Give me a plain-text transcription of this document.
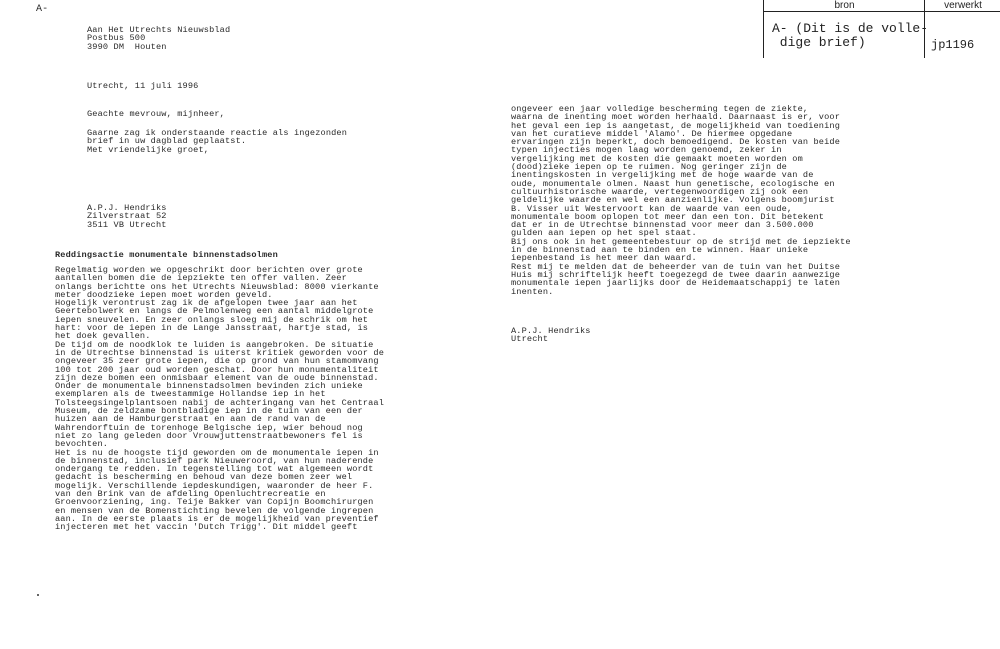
A-	bron
A- (Dit is de volle-
dige brief)
verwerkt
jp1196
Aan Het Utrechts Nieuwsblad
Postbus 500
3990 DM  Houten
Utrecht, 11 juli 1996
Geachte mevrouw, mijnheer,
Gaarne zag ik onderstaande reactie als ingezonden
brief in uw dagblad geplaatst.
Met vriendelijke groet,
A.P.J. Hendriks
Zilverstraat 52
3511 VB Utrecht
Reddingsactie monumentale binnenstadsolmen
Regelmatig worden we opgeschrikt door berichten over grote
aantallen bomen die de iepziekte ten offer vallen. Zeer
onlangs berichtte ons het Utrechts Nieuwsblad: 8000 vierkante
meter doodzieke iepen moet worden geveld.
Hogelijk verontrust zag ik de afgelopen twee jaar aan het
Geertebolwerk en langs de Pelmolenweg een aantal middelgrote
iepen sneuvelen. En zeer onlangs sloeg mij de schrik om het
hart: voor de iepen in de Lange Jansstraat, hartje stad, is
het doek gevallen.
De tijd om de noodklok te luiden is aangebroken. De situatie
in de Utrechtse binnenstad is uiterst kritiek geworden voor de
ongeveer 35 zeer grote iepen, die op grond van hun stamomvang
100 tot 200 jaar oud worden geschat. Door hun monumentaliteit
zijn deze bomen een onmisbaar element van de oude binnenstad.
Onder de monumentale binnenstadsolmen bevinden zich unieke
exemplaren als de tweestammige Hollandse iep in het
Tolsteegsingelplantsoen nabij de achteringang van het Centraal
Museum, de zeldzame bontbladige iep in de tuin van een der
huizen aan de Hamburgerstraat en aan de rand van de
Wahrendorftuin de torenhoge Belgische iep, wier behoud nog
niet zo lang geleden door Vrouwjuttenstraatbewoners fel is
bevochten.
Het is nu de hoogste tijd geworden om de monumentale iepen in
de binnenstad, inclusief park Nieuweroord, van hun naderende
ondergang te redden. In tegenstelling tot wat algemeen wordt
gedacht is bescherming en behoud van deze bomen zeer wel
mogelijk. Verschillende iepdeskundigen, waaronder de heer F.
van den Brink van de afdeling Openluchtrecreatie en
Groenvoorziening, ing. Teije Bakker van Copijn Boomchirurgen
en mensen van de Bomenstichting bevelen de volgende ingrepen
aan. In de eerste plaats is er de mogelijkheid van preventief
injecteren met het vaccin 'Dutch Trigg'. Dit middel geeft
ongeveer een jaar volledige bescherming tegen de ziekte,
waarna de inenting moet worden herhaald. Daarnaast is er, voor
het geval een iep is aangetast, de mogelijkheid van toediening
van het curatieve middel 'Alamo'. De hiermee opgedane
ervaringen zijn beperkt, doch bemoedigend. De kosten van beide
typen injecties mogen laag worden genoemd, zeker in
vergelijking met de kosten die gemaakt moeten worden om
(dood)zieke iepen op te ruimen. Nog geringer zijn de
inentingskosten in vergelijking met de hoge waarde van de
oude, monumentale olmen. Naast hun genetische, ecologische en
cultuurhistorische waarde, vertegenwoordigen zij ook een
geldelijke waarde en wel een aanzienlijke. Volgens boomjurist
B. Visser uit Westervoort kan de waarde van een oude,
monumentale boom oplopen tot meer dan een ton. Dit betekent
dat er in de Utrechtse binnenstad voor meer dan 3.500.000
gulden aan iepen op het spel staat.
Bij ons ook in het gemeentebestuur op de strijd met de iepziekte
in de binnenstad aan te binden en te winnen. Haar unieke
iepenbestand is het meer dan waard.
Rest mij te melden dat de beheerder van de tuin van het Duitse
Huis mij schriftelijk heeft toegezegd de twee daarin aanwezige
monumentale iepen jaarlijks door de Heidemaatschappij te laten
inenten.
A.P.J. Hendriks
Utrecht
